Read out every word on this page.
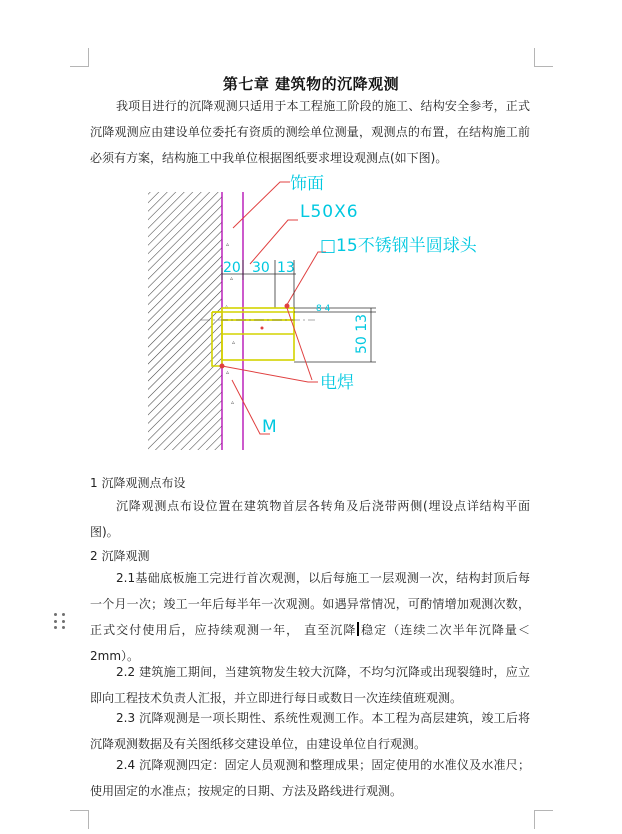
第七章 建筑物的沉降观测
我项目进行的沉降观测只适用于本工程施工阶段的施工、结构安全参考，正式沉降观测应由建设单位委托有资质的测绘单位测量，观测点的布置，在结构施工前必须有方案，结构施工中我单位根据图纸要求埋设观测点(如下图)。
▵
▵
▵
▵
▵
▵
饰面
L50X6
□15不锈钢半圆球头
20 30 13
8 4
50 13
电焊
M
1 沉降观测点布设
沉降观测点布设位置在建筑物首层各转角及后浇带两侧(埋设点详结构平面图)。
2 沉降观测
2.1基础底板施工完进行首次观测，以后每施工一层观测一次，结构封顶后每一个月一次；竣工一年后每半年一次观测。如遇异常情况，可酌情增加观测次数，正式交付使用后，应持续观测一年， 直至沉降 稳定（连续二次半年沉降量＜2mm）。
2.2 建筑施工期间，当建筑物发生较大沉降，不均匀沉降或出现裂缝时，应立即向工程技术负责人汇报，并立即进行每日或数日一次连续值班观测。
2.3 沉降观测是一项长期性、系统性观测工作。本工程为高层建筑，竣工后将沉降观测数据及有关图纸移交建设单位，由建设单位自行观测。
2.4 沉降观测四定：固定人员观测和整理成果；固定使用的水准仪及水准尺；使用固定的水准点；按规定的日期、方法及路线进行观测。
